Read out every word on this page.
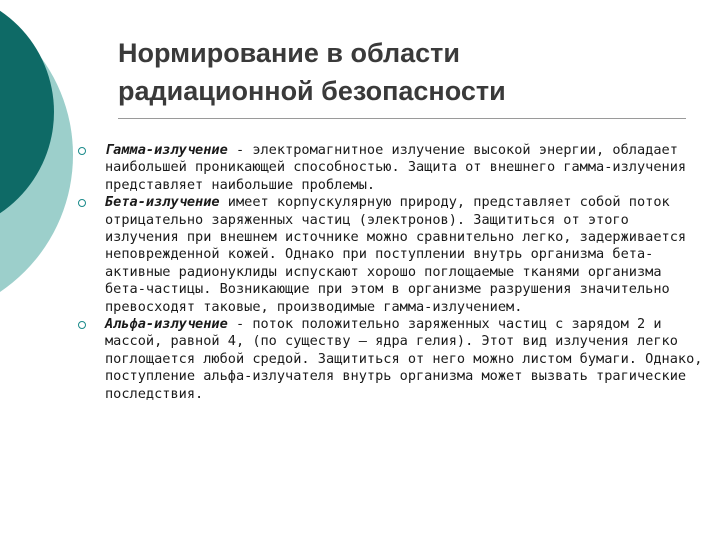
Нормирование в области
радиационной безопасности
Гамма-излучение - электромагнитное излучение высокой энергии, обладает наибольшей проникающей способностью. Защита от внешнего гамма-излучения представляет наибольшие проблемы.
Бета-излучение имеет корпускулярную природу, представляет собой поток отрицательно заряженных частиц (электронов). Защититься от этого излучения при внешнем источнике можно сравнительно легко, задерживается неповрежденной кожей. Однако при поступлении внутрь организма бета-активные радионуклиды испускают хорошо поглощаемые тканями организма бета-частицы. Возникающие при этом в организме разрушения значительно превосходят таковые, производимые гамма-излучением.
Альфа-излучение - поток положительно заряженных частиц с зарядом 2 и массой, равной 4, (по существу — ядра гелия). Этот вид излучения легко поглощается любой средой. Защититься от него можно листом бумаги. Однако, поступление альфа-излучателя внутрь организма может вызвать трагические последствия.
